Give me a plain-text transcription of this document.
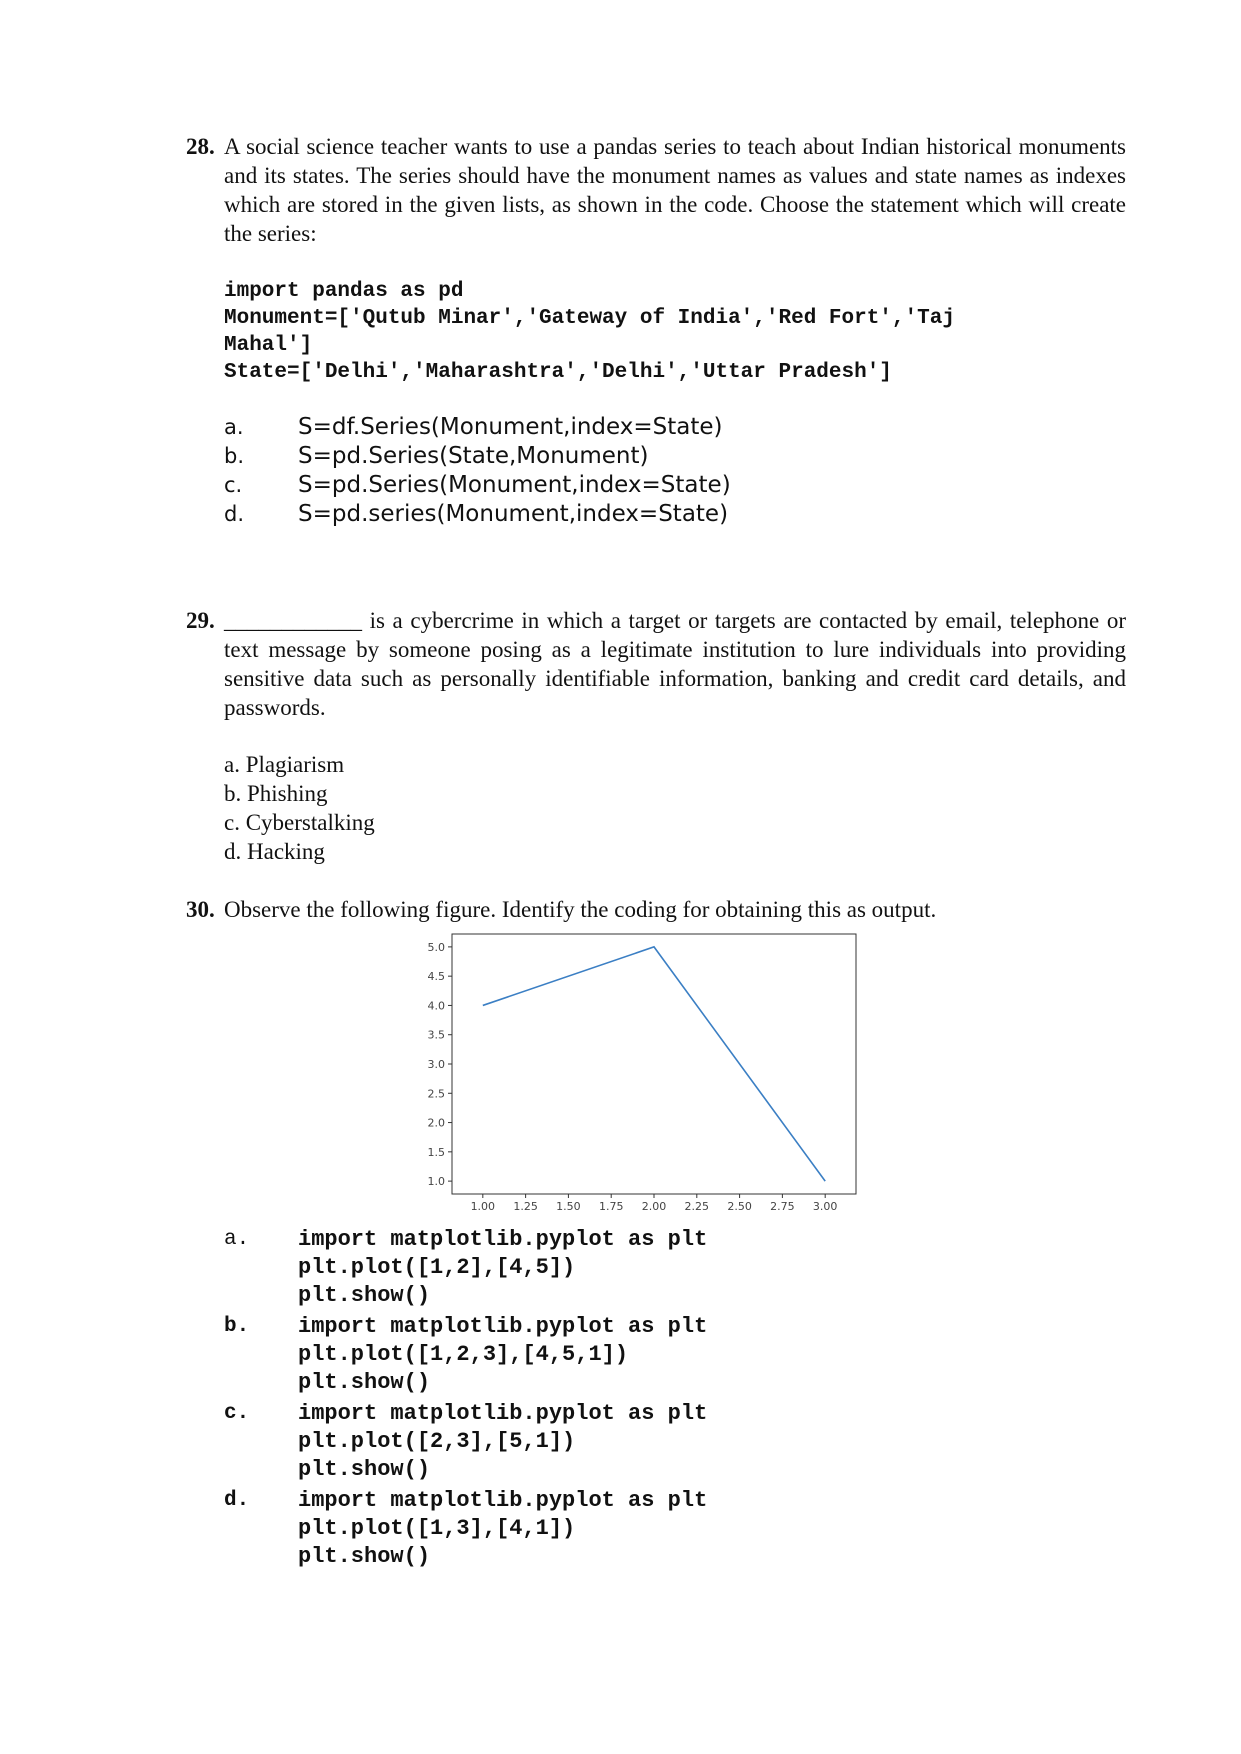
28. A social science teacher wants to use a pandas series to teach about Indian historical monuments and its states. The series should have the monument names as values and state names as indexes which are stored in the given lists, as shown in the code. Choose the statement which will create the series:
import pandas as pd
Monument=['Qutub Minar','Gateway of India','Red Fort','Taj
Mahal']
State=['Delhi','Maharashtra','Delhi','Uttar Pradesh']
a. S=df.Series(Monument,index=State)
b. S=pd.Series(State,Monument)
c. S=pd.Series(Monument,index=State)
d. S=pd.series(Monument,index=State)
29. ____________ is a cybercrime in which a target or targets are contacted by email, telephone or text message by someone posing as a legitimate institution to lure individuals into providing sensitive data such as personally identifiable information, banking and credit card details, and passwords.
a. Plagiarism
b. Phishing
c. Cyberstalking
d. Hacking
30. Observe the following figure. Identify the coding for obtaining this as output.
1.00 1.25 1.50 1.75 2.00 2.25 2.50 2.75 3.00
1.0
1.5
2.0
2.5
3.0
3.5
4.0
4.5
5.0
a. import matplotlib.pyplot as plt
plt.plot([1,2],[4,5])
plt.show()
b. import matplotlib.pyplot as plt
plt.plot([1,2,3],[4,5,1])
plt.show()
c. import matplotlib.pyplot as plt
plt.plot([2,3],[5,1])
plt.show()
d. import matplotlib.pyplot as plt
plt.plot([1,3],[4,1])
plt.show()
